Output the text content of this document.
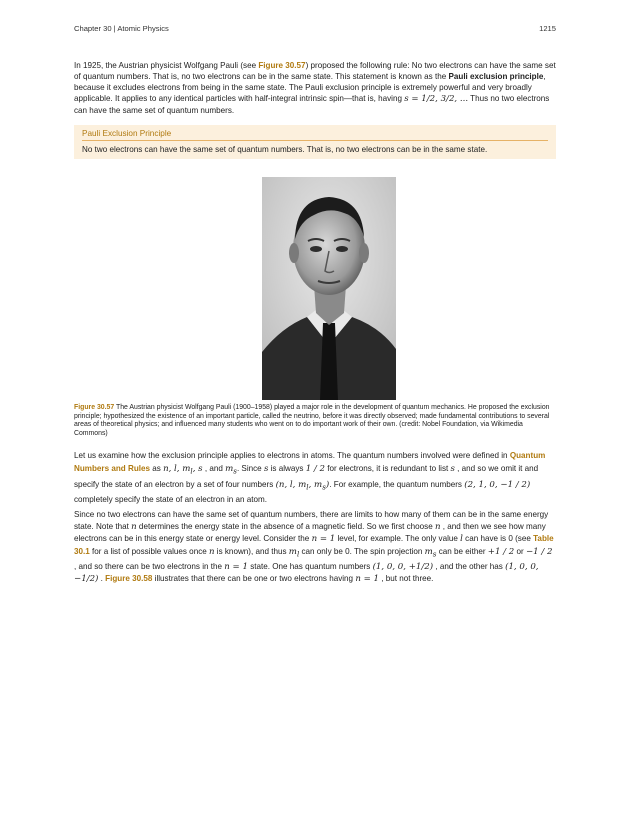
Chapter 30 | Atomic Physics	1215

In 1925, the Austrian physicist Wolfgang Pauli (see Figure 30.57) proposed the following rule: No two electrons can have the same set of quantum numbers. That is, no two electrons can be in the same state. This statement is known as the Pauli exclusion principle, because it excludes electrons from being in the same state. The Pauli exclusion principle is extremely powerful and very broadly applicable. It applies to any identical particles with half-integral intrinsic spin—that is, having s = 1/2, 3/2, ... Thus no two electrons can have the same set of quantum numbers.

Pauli Exclusion Principle
No two electrons can have the same set of quantum numbers. That is, no two electrons can be in the same state.

Figure 30.57 The Austrian physicist Wolfgang Pauli (1900–1958) played a major role in the development of quantum mechanics. He proposed the exclusion principle; hypothesized the existence of an important particle, called the neutrino, before it was directly observed; made fundamental contributions to several areas of theoretical physics; and influenced many students who went on to do important work of their own. (credit: Nobel Foundation, via Wikimedia Commons)

Let us examine how the exclusion principle applies to electrons in atoms. The quantum numbers involved were defined in Quantum Numbers and Rules as n, l, $m_l$, s , and $m_s$. Since s is always 1 / 2 for electrons, it is redundant to list s , and so we omit it and specify the state of an electron by a set of four numbers (n, l, $m_l$, $m_s$). For example, the quantum numbers (2, 1, 0, −1 / 2) completely specify the state of an electron in an atom.

Since no two electrons can have the same set of quantum numbers, there are limits to how many of them can be in the same energy state. Note that n determines the energy state in the absence of a magnetic field. So we first choose n , and then we see how many electrons can be in this energy state or energy level. Consider the n = 1 level, for example. The only value l can have is 0 (see Table 30.1 for a list of possible values once n is known), and thus $m_l$ can only be 0. The spin projection $m_s$ can be either +1 / 2 or −1 / 2 , and so there can be two electrons in the n = 1 state. One has quantum numbers (1, 0, 0, +1/2) , and the other has (1, 0, 0, −1/2) . Figure 30.58 illustrates that there can be one or two electrons having n = 1 , but not three.
